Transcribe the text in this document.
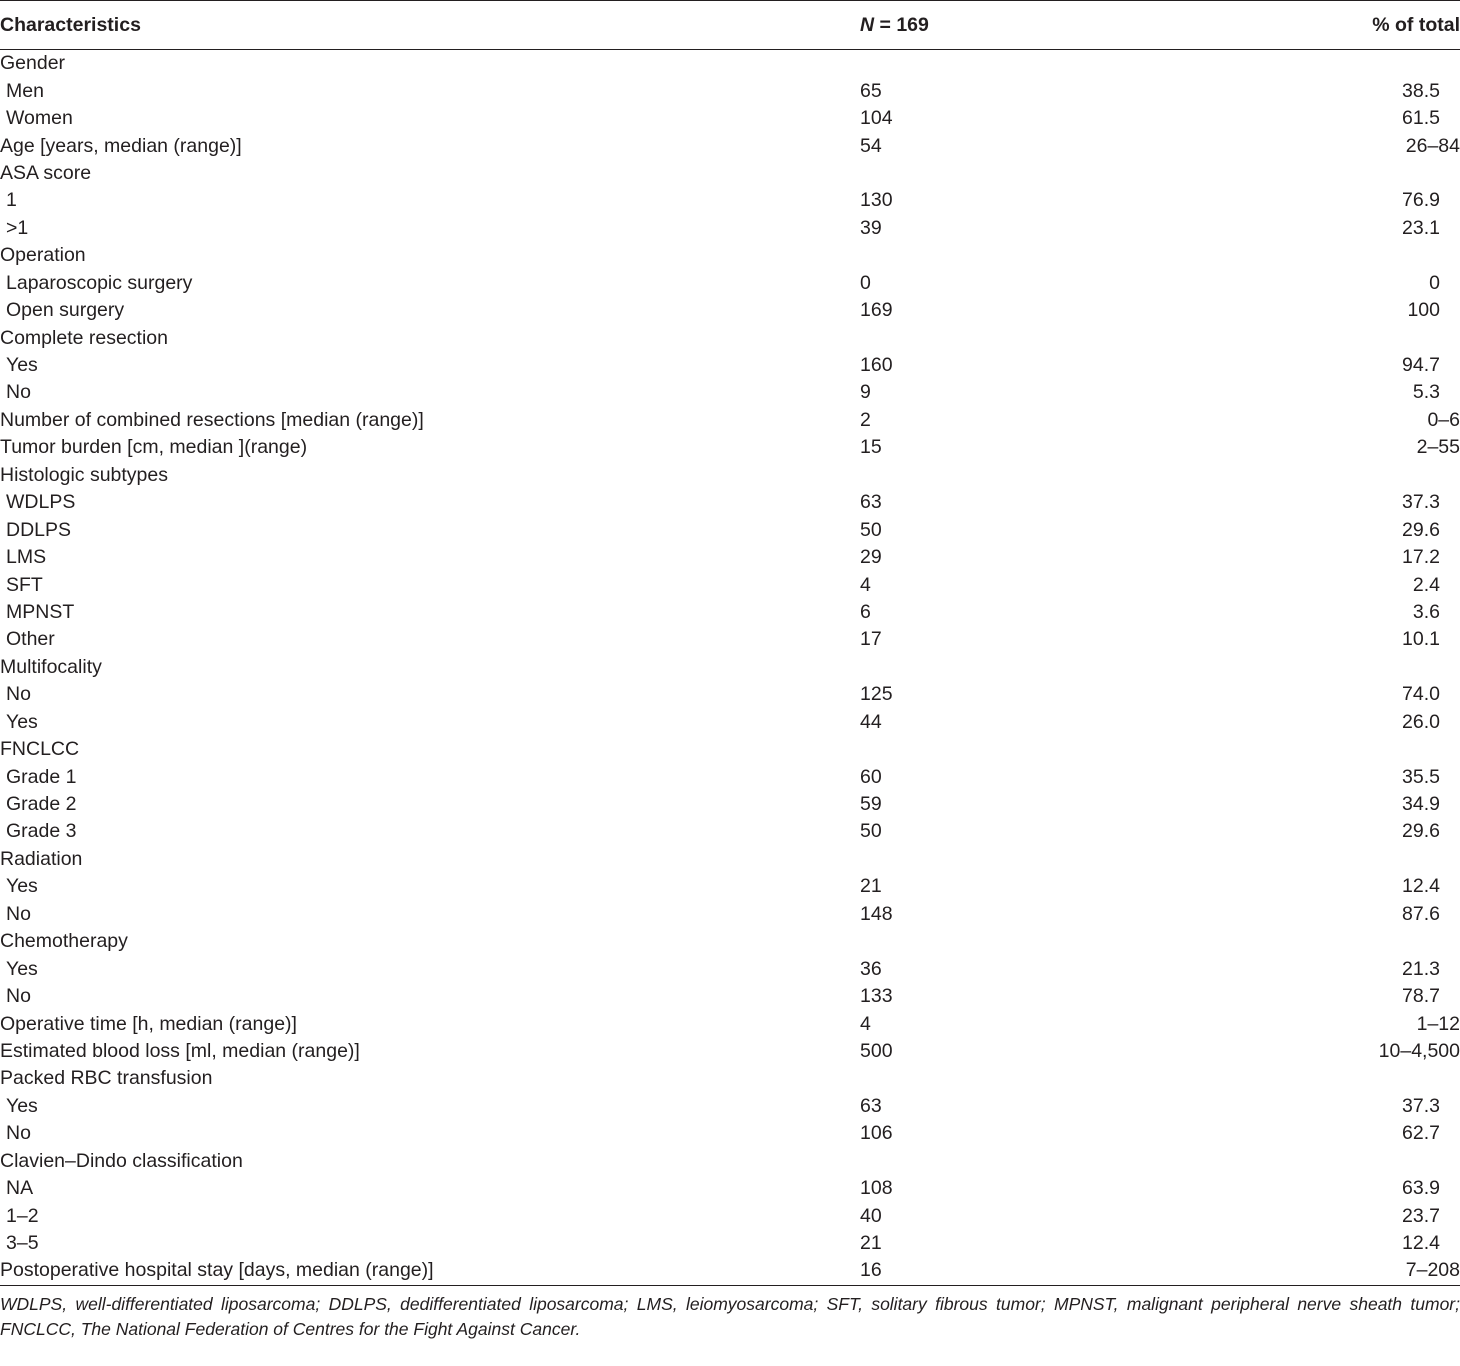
Characteristics	N = 169	% of total
Gender		
Men	65	38.5
Women	104	61.5
Age [years, median (range)]	54	26–84
ASA score		
1	130	76.9
>1	39	23.1
Operation		
Laparoscopic surgery	0	0
Open surgery	169	100
Complete resection		
Yes	160	94.7
No	9	5.3
Number of combined resections [median (range)]	2	0–6
Tumor burden [cm, median ](range)	15	2–55
Histologic subtypes		
WDLPS	63	37.3
DDLPS	50	29.6
LMS	29	17.2
SFT	4	2.4
MPNST	6	3.6
Other	17	10.1
Multifocality		
No	125	74.0
Yes	44	26.0
FNCLCC		
Grade 1	60	35.5
Grade 2	59	34.9
Grade 3	50	29.6
Radiation		
Yes	21	12.4
No	148	87.6
Chemotherapy		
Yes	36	21.3
No	133	78.7
Operative time [h, median (range)]	4	1–12
Estimated blood loss [ml, median (range)]	500	10–4,500
Packed RBC transfusion		
Yes	63	37.3
No	106	62.7
Clavien–Dindo classification		
NA	108	63.9
1–2	40	23.7
3–5	21	12.4
Postoperative hospital stay [days, median (range)]	16	7–208
WDLPS, well-differentiated liposarcoma; DDLPS, dedifferentiated liposarcoma; LMS, leiomyosarcoma; SFT, solitary fibrous tumor; MPNST, malignant peripheral nerve sheath tumor; FNCLCC, The National Federation of Centres for the Fight Against Cancer.		
